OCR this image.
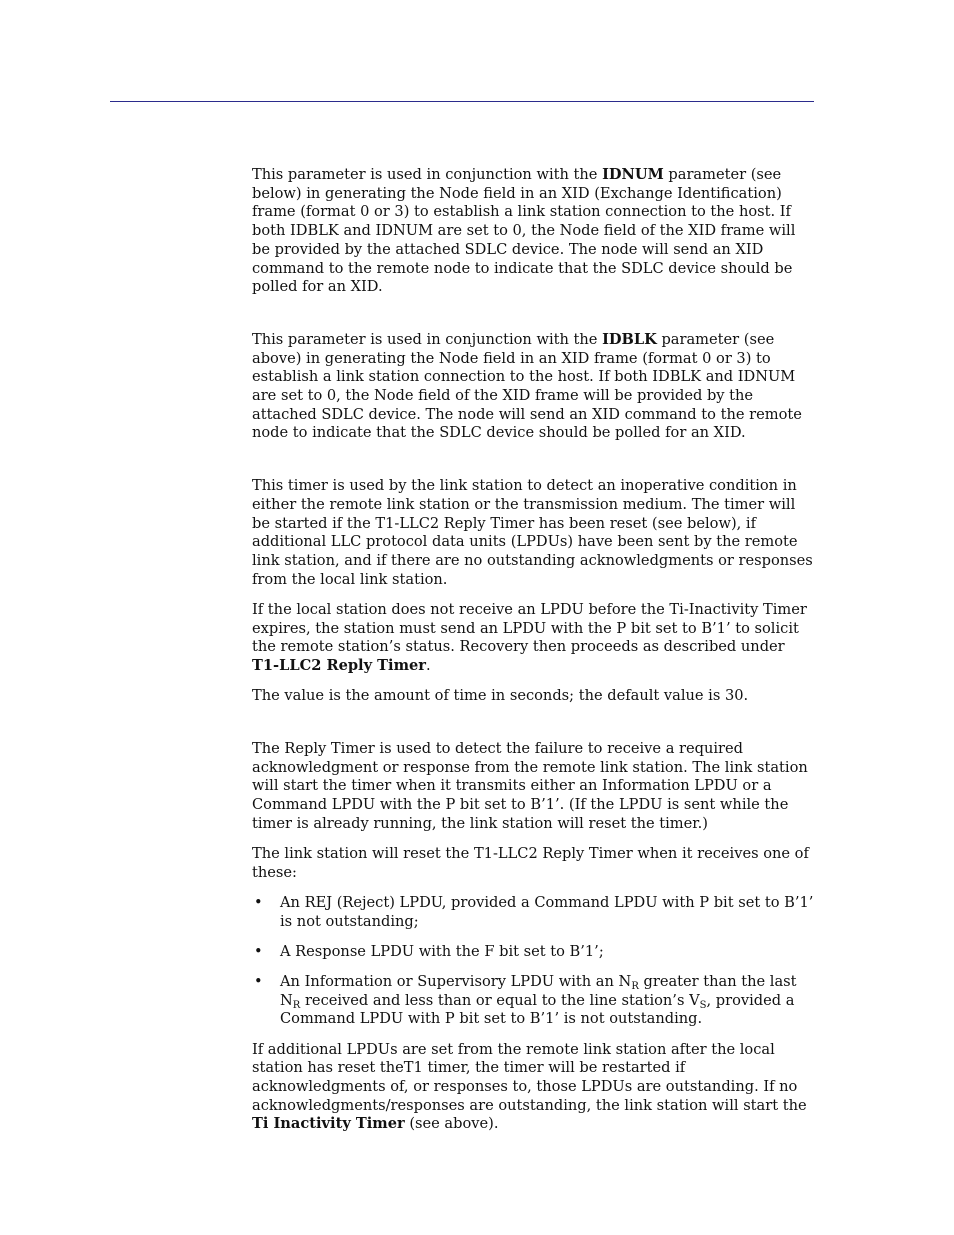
This parameter is used in conjunction with the IDNUM parameter (see below) in generating the Node field in an XID (Exchange Identification) frame (format 0 or 3) to establish a link station connection to the host. If both IDBLK and IDNUM are set to 0, the Node field of the XID frame will be provided by the attached SDLC device. The node will send an XID command to the remote node to indicate that the SDLC device should be polled for an XID.

This parameter is used in conjunction with the IDBLK parameter (see above) in generating the Node field in an XID frame (format 0 or 3) to establish a link station connection to the host. If both IDBLK and IDNUM are set to 0, the Node field of the XID frame will be provided by the attached SDLC device. The node will send an XID command to the remote node to indicate that the SDLC device should be polled for an XID.

This timer is used by the link station to detect an inoperative condition in either the remote link station or the transmission medium. The timer will be started if the T1-LLC2 Reply Timer has been reset (see below), if additional LLC protocol data units (LPDUs) have been sent by the remote link station, and if there are no outstanding acknowledgments or responses from the local link station.

If the local station does not receive an LPDU before the Ti-Inactivity Timer expires, the station must send an LPDU with the P bit set to B’1’ to solicit the remote station’s status. Recovery then proceeds as described under T1-LLC2 Reply Timer.

The value is the amount of time in seconds; the default value is 30.

The Reply Timer is used to detect the failure to receive a required acknowledgment or response from the remote link station. The link station will start the timer when it transmits either an Information LPDU or a Command LPDU with the P bit set to B’1’. (If the LPDU is sent while the timer is already running, the link station will reset the timer.)

The link station will reset the T1-LLC2 Reply Timer when it receives one of these:

• An REJ (Reject) LPDU, provided a Command LPDU with P bit set to B’1’ is not outstanding;
• A Response LPDU with the F bit set to B’1’;
• An Information or Supervisory LPDU with an $N_R$ greater than the last $N_R$ received and less than or equal to the line station’s $V_S$, provided a Command LPDU with P bit set to B’1’ is not outstanding.

If additional LPDUs are set from the remote link station after the local station has reset theT1 timer, the timer will be restarted if acknowledgments of, or responses to, those LPDUs are outstanding. If no acknowledgments/responses are outstanding, the link station will start the Ti Inactivity Timer (see above).
